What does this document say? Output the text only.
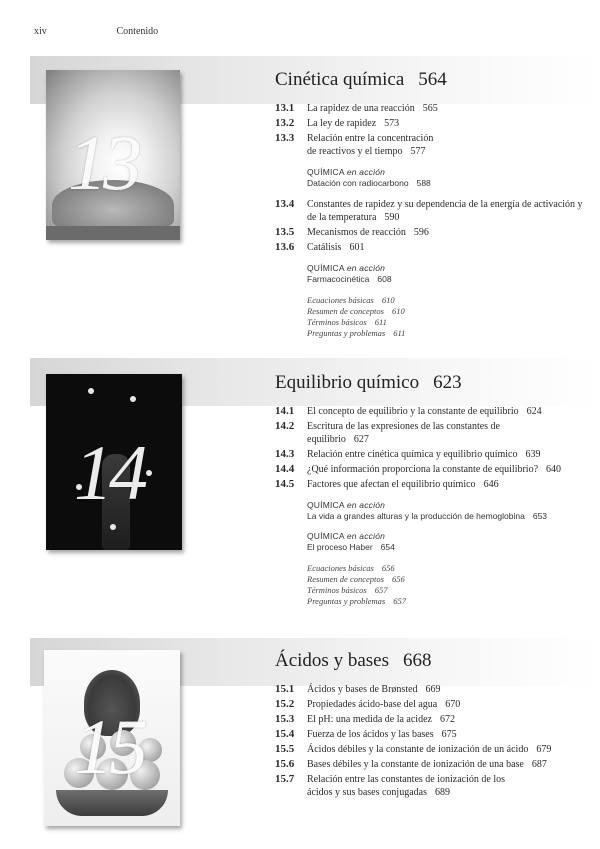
xiv	Contenido
13
Cinética química 564
13.1 La rapidez de una reacción 565
13.2 La ley de rapidez 573
13.3 Relación entre la concentración
de reactivos y el tiempo 577
QUÍMICA en acción
Datación con radiocarbono 588
13.4 Constantes de rapidez y su dependencia de la energía de activación y
de la temperatura 590
13.5 Mecanismos de reacción 596
13.6 Catálisis 601
QUÍMICA en acción
Farmacocinética 608
Ecuaciones básicas 610
Resumen de conceptos 610
Términos básicos 611
Preguntas y problemas 611
14
Equilibrio químico 623
14.1 El concepto de equilibrio y la constante de equilibrio 624
14.2 Escritura de las expresiones de las constantes de
equilibrio 627
14.3 Relación entre cinética química y equilibrio químico 639
14.4 ¿Qué información proporciona la constante de equilibrio? 640
14.5 Factores que afectan el equilibrio químico 646
QUÍMICA en acción
La vida a grandes alturas y la producción de hemoglobina 653
QUÍMICA en acción
El proceso Haber 654
Ecuaciones básicas 656
Resumen de conceptos 656
Términos básicos 657
Preguntas y problemas 657
15
Ácidos y bases 668
15.1 Ácidos y bases de Brønsted 669
15.2 Propiedades ácido-base del agua 670
15.3 El pH: una medida de la acidez 672
15.4 Fuerza de los ácidos y las bases 675
15.5 Ácidos débiles y la constante de ionización de un ácido 679
15.6 Bases débiles y la constante de ionización de una base 687
15.7 Relación entre las constantes de ionización de los
ácidos y sus bases conjugadas 689
